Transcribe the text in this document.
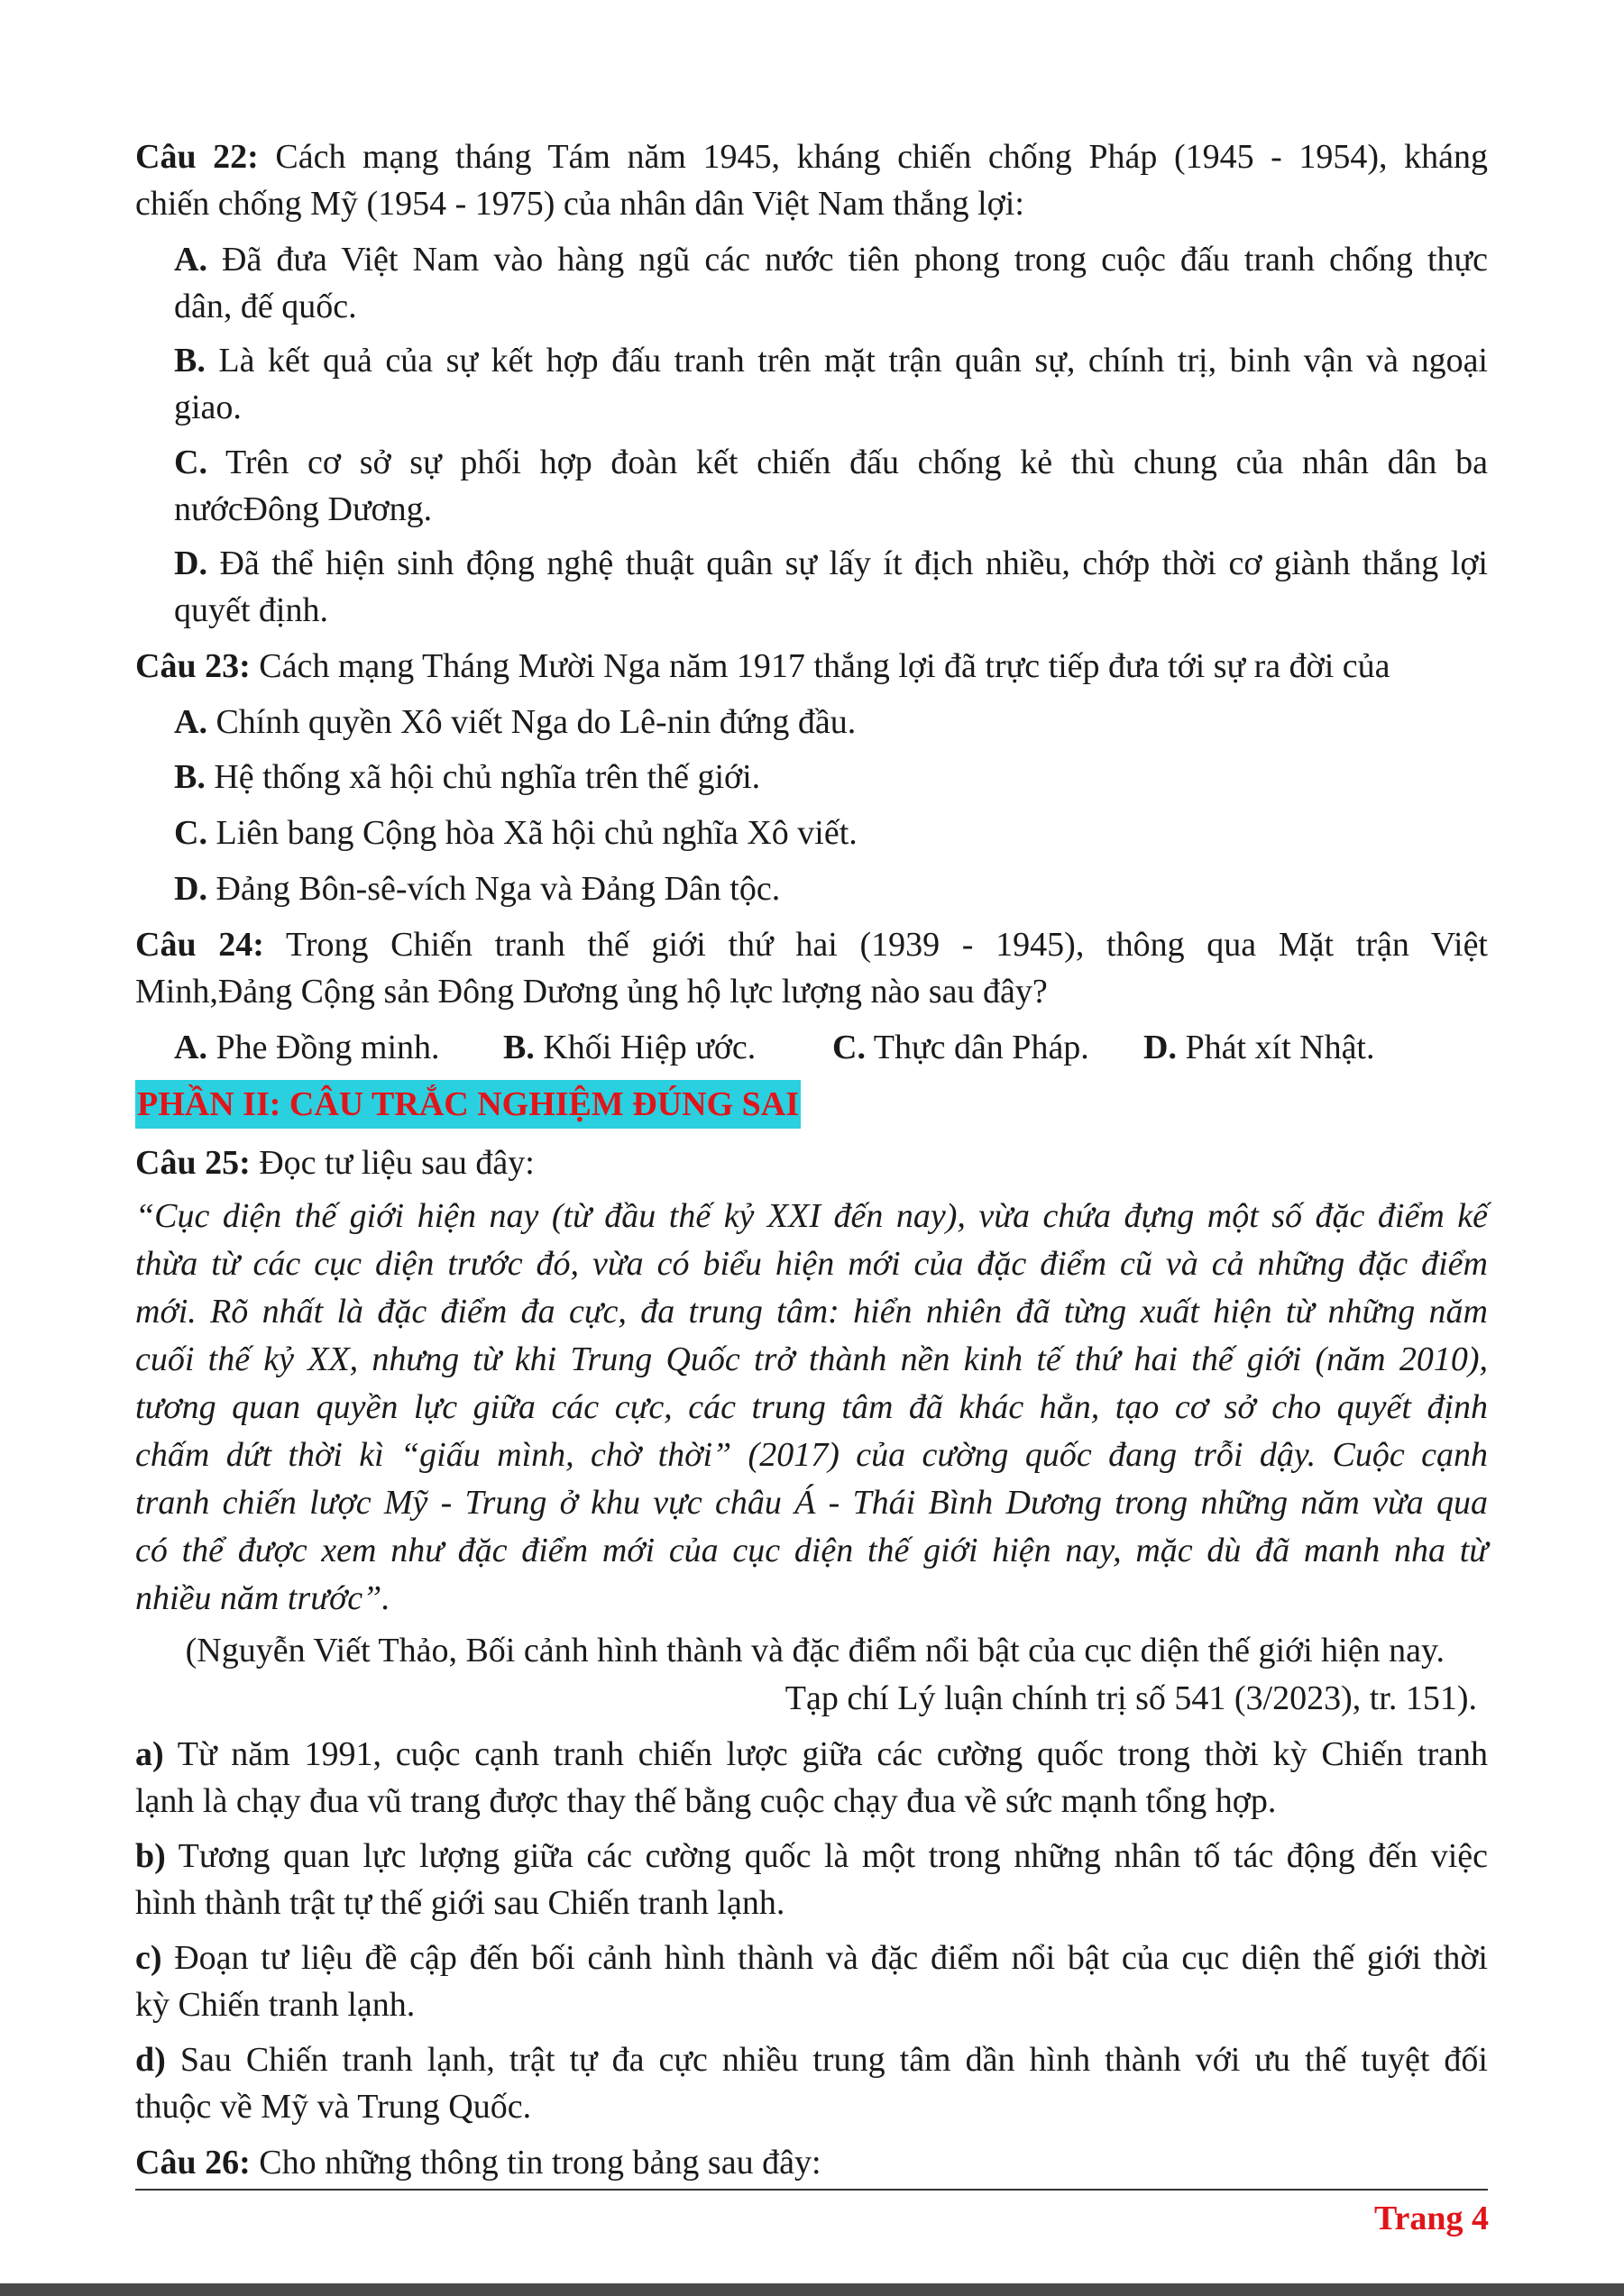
Câu 22: Cách mạng tháng Tám năm 1945, kháng chiến chống Pháp (1945 - 1954), kháng
chiến chống Mỹ (1954 - 1975) của nhân dân Việt Nam thắng lợi:
A. Đã đưa Việt Nam vào hàng ngũ các nước tiên phong trong cuộc đấu tranh chống thực
dân, đế quốc.
B. Là kết quả của sự kết hợp đấu tranh trên mặt trận quân sự, chính trị, binh vận và ngoại
giao.
C. Trên cơ sở sự phối hợp đoàn kết chiến đấu chống kẻ thù chung của nhân dân ba
nướcĐông Dương.
D. Đã thể hiện sinh động nghệ thuật quân sự lấy ít địch nhiều, chớp thời cơ giành thắng lợi
quyết định.
Câu 23: Cách mạng Tháng Mười Nga năm 1917 thắng lợi đã trực tiếp đưa tới sự ra đời của
A. Chính quyền Xô viết Nga do Lê-nin đứng đầu.
B. Hệ thống xã hội chủ nghĩa trên thế giới.
C. Liên bang Cộng hòa Xã hội chủ nghĩa Xô viết.
D. Đảng Bôn-sê-vích Nga và Đảng Dân tộc.
Câu 24: Trong Chiến tranh thế giới thứ hai (1939 - 1945), thông qua Mặt trận Việt
Minh,Đảng Cộng sản Đông Dương ủng hộ lực lượng nào sau đây?
A. Phe Đồng minh. B. Khối Hiệp ước. C. Thực dân Pháp. D. Phát xít Nhật.
PHẦN II: CÂU TRẮC NGHIỆM ĐÚNG SAI
Câu 25: Đọc tư liệu sau đây:
“Cục diện thế giới hiện nay (từ đầu thế kỷ XXI đến nay), vừa chứa đựng một số đặc điểm kế
thừa từ các cục diện trước đó, vừa có biểu hiện mới của đặc điểm cũ và cả những đặc điểm
mới. Rõ nhất là đặc điểm đa cực, đa trung tâm: hiển nhiên đã từng xuất hiện từ những năm
cuối thế kỷ XX, nhưng từ khi Trung Quốc trở thành nền kinh tế thứ hai thế giới (năm 2010),
tương quan quyền lực giữa các cực, các trung tâm đã khác hẳn, tạo cơ sở cho quyết định
chấm dứt thời kì “giấu mình, chờ thời” (2017) của cường quốc đang trỗi dậy. Cuộc cạnh
tranh chiến lược Mỹ - Trung ở khu vực châu Á - Thái Bình Dương trong những năm vừa qua
có thể được xem như đặc điểm mới của cục diện thế giới hiện nay, mặc dù đã manh nha từ
nhiều năm trước”.
(Nguyễn Viết Thảo, Bối cảnh hình thành và đặc điểm nổi bật của cục diện thế giới hiện nay.
Tạp chí Lý luận chính trị số 541 (3/2023), tr. 151).
a) Từ năm 1991, cuộc cạnh tranh chiến lược giữa các cường quốc trong thời kỳ Chiến tranh
lạnh là chạy đua vũ trang được thay thế bằng cuộc chạy đua về sức mạnh tổng hợp.
b) Tương quan lực lượng giữa các cường quốc là một trong những nhân tố tác động đến việc
hình thành trật tự thế giới sau Chiến tranh lạnh.
c) Đoạn tư liệu đề cập đến bối cảnh hình thành và đặc điểm nổi bật của cục diện thế giới thời
kỳ Chiến tranh lạnh.
d) Sau Chiến tranh lạnh, trật tự đa cực nhiều trung tâm dần hình thành với ưu thế tuyệt đối
thuộc về Mỹ và Trung Quốc.
Câu 26: Cho những thông tin trong bảng sau đây:
Trang 4
